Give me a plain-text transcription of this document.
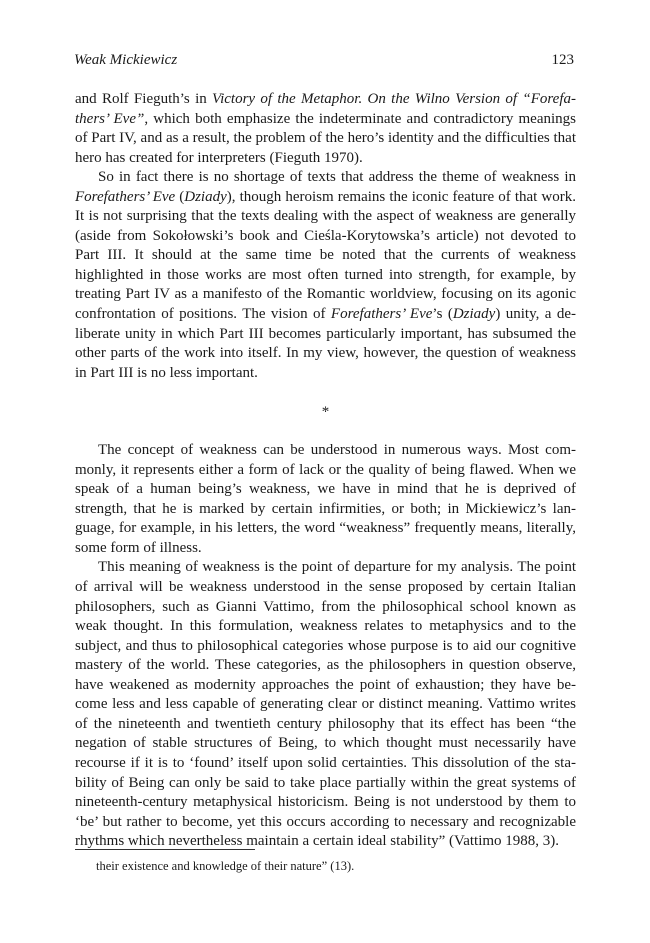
Weak Mickiewicz	123

and Rolf Fieguth’s in Victory of the Metaphor. On the Wilno Version of “Forefathers’ Eve”, which both emphasize the indeterminate and contradictory meanings of Part IV, and as a result, the problem of the hero’s identity and the difficulties that hero has created for interpreters (Fieguth 1970).

So in fact there is no shortage of texts that address the theme of weakness in Forefathers’ Eve (Dziady), though heroism remains the iconic feature of that work. It is not surprising that the texts dealing with the aspect of weakness are generally (aside from Sokołowski’s book and Cieśla-Korytowska’s article) not devoted to Part III. It should at the same time be noted that the currents of weakness highlighted in those works are most often turned into strength, for example, by treating Part IV as a manifesto of the Romantic worldview, focusing on its agonic confrontation of positions. The vision of Forefathers’ Eve’s (Dziady) unity, a deliberate unity in which Part III becomes particularly important, has subsumed the other parts of the work into itself. In my view, however, the question of weakness in Part III is no less important.

*

The concept of weakness can be understood in numerous ways. Most commonly, it represents either a form of lack or the quality of being flawed. When we speak of a human being’s weakness, we have in mind that he is deprived of strength, that he is marked by certain infirmities, or both; in Mickiewicz’s language, for example, in his letters, the word “weakness” frequently means, literally, some form of illness.

This meaning of weakness is the point of departure for my analysis. The point of arrival will be weakness understood in the sense proposed by certain Italian philosophers, such as Gianni Vattimo, from the philosophical school known as weak thought. In this formulation, weakness relates to metaphysics and to the subject, and thus to philosophical categories whose purpose is to aid our cognitive mastery of the world. These categories, as the philosophers in question observe, have weakened as modernity approaches the point of exhaustion; they have become less and less capable of generating clear or distinct meaning. Vattimo writes of the nineteenth and twentieth century philosophy that its effect has been “the negation of stable structures of Being, to which thought must necessarily have recourse if it is to ‘found’ itself upon solid certainties. This dissolution of the stability of Being can only be said to take place partially within the great systems of nineteenth-century metaphysical historicism. Being is not understood by them to ‘be’ but rather to become, yet this occurs according to necessary and recognizable rhythms which nevertheless maintain a certain ideal stability” (Vattimo 1988, 3).

their existence and knowledge of their nature” (13).
